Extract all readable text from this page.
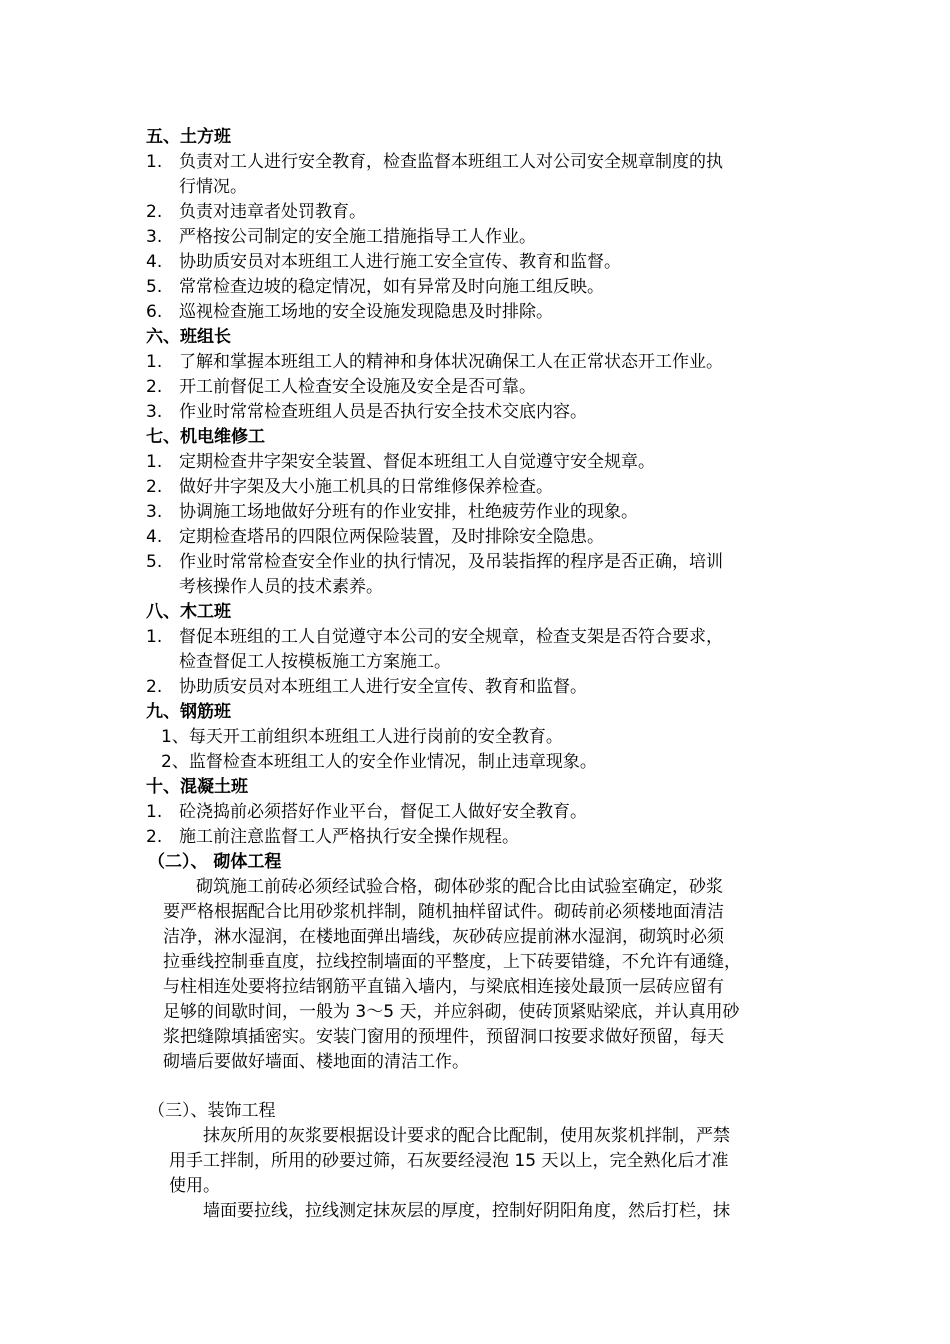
五、土方班
1. 负责对工人进行安全教育，检查监督本班组工人对公司安全规章制度的执
行情况。
2. 负责对违章者处罚教育。
3. 严格按公司制定的安全施工措施指导工人作业。
4. 协助质安员对本班组工人进行施工安全宣传、教育和监督。
5. 常常检查边坡的稳定情况，如有异常及时向施工组反映。
6. 巡视检查施工场地的安全设施发现隐患及时排除。
六、班组长
1. 了解和掌握本班组工人的精神和身体状况确保工人在正常状态开工作业。
2. 开工前督促工人检查安全设施及安全是否可靠。
3. 作业时常常检查班组人员是否执行安全技术交底内容。
七、机电维修工
1. 定期检查井字架安全装置、督促本班组工人自觉遵守安全规章。
2. 做好井字架及大小施工机具的日常维修保养检查。
3. 协调施工场地做好分班有的作业安排，杜绝疲劳作业的现象。
4. 定期检查塔吊的四限位两保险装置，及时排除安全隐患。
5. 作业时常常检查安全作业的执行情况，及吊装指挥的程序是否正确，培训
考核操作人员的技术素养。
八、木工班
1. 督促本班组的工人自觉遵守本公司的安全规章，检查支架是否符合要求，
检查督促工人按模板施工方案施工。
2. 协助质安员对本班组工人进行安全宣传、教育和监督。
九、钢筋班
1、每天开工前组织本班组工人进行岗前的安全教育。
2、监督检查本班组工人的安全作业情况，制止违章现象。
十、混凝土班
1. 砼浇捣前必须搭好作业平台，督促工人做好安全教育。
2. 施工前注意监督工人严格执行安全操作规程。
（二）、 砌体工程
砌筑施工前砖必须经试验合格，砌体砂浆的配合比由试验室确定，砂浆
要严格根据配合比用砂浆机拌制，随机抽样留试件。砌砖前必须楼地面清洁
洁净，淋水湿润，在楼地面弹出墙线，灰砂砖应提前淋水湿润，砌筑时必须
拉垂线控制垂直度，拉线控制墙面的平整度，上下砖要错缝，不允许有通缝，
与柱相连处要将拉结钢筋平直锚入墙内，与梁底相连接处最顶一层砖应留有
足够的间歇时间，一般为 3～5 天，并应斜砌，使砖顶紧贴梁底，并认真用砂
浆把缝隙填插密实。安装门窗用的预埋件，预留洞口按要求做好预留，每天
砌墙后要做好墙面、楼地面的清洁工作。
（三）、装饰工程
抹灰所用的灰浆要根据设计要求的配合比配制，使用灰浆机拌制，严禁
用手工拌制，所用的砂要过筛，石灰要经浸泡 15 天以上，完全熟化后才准
使用。
墙面要拉线，拉线测定抹灰层的厚度，控制好阴阳角度，然后打栏，抹
